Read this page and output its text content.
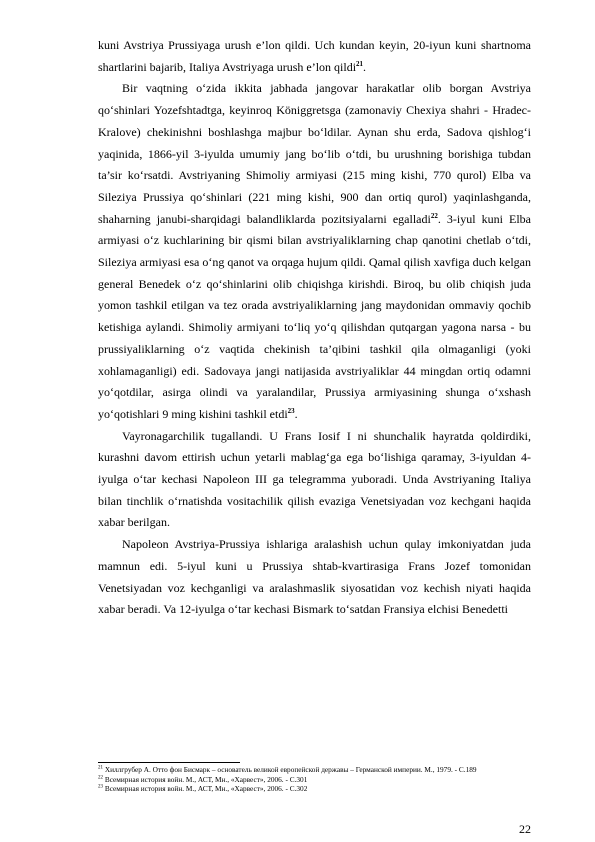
kuni Avstriya Prussiyaga urush e’lon qildi. Uch kundan keyin, 20-iyun kuni shartnoma shartlarini bajarib, Italiya Avstriyaga urush e’lon qildi$^{21}$.

Bir vaqtning o‘zida ikkita jabhada jangovar harakatlar olib borgan Avstriya qo‘shinlari Yozefshtadtga, keyinroq Königgretsga (zamonaviy Chexiya shahri - Hradec-Kralove) chekinishni boshlashga majbur bo‘ldilar. Aynan shu erda, Sadova qishlog‘i yaqinida, 1866-yil 3-iyulda umumiy jang bo‘lib o‘tdi, bu urushning borishiga tubdan ta’sir ko‘rsatdi. Avstriyaning Shimoliy armiyasi (215 ming kishi, 770 qurol) Elba va Sileziya Prussiya qo‘shinlari (221 ming kishi, 900 dan ortiq qurol) yaqinlashganda, shaharning janubi-sharqidagi balandliklarda pozitsiyalarni egalladi$^{22}$. 3-iyul kuni Elba armiyasi o‘z kuchlarining bir qismi bilan avstriyaliklarning chap qanotini chetlab o‘tdi, Sileziya armiyasi esa o‘ng qanot va orqaga hujum qildi. Qamal qilish xavfiga duch kelgan general Benedek o‘z qo‘shinlarini olib chiqishga kirishdi. Biroq, bu olib chiqish juda yomon tashkil etilgan va tez orada avstriyaliklarning jang maydonidan ommaviy qochib ketishiga aylandi. Shimoliy armiyani to‘liq yo‘q qilishdan qutqargan yagona narsa - bu prussiyaliklarning o‘z vaqtida chekinish ta’qibini tashkil qila olmaganligi (yoki xohlamaganligi) edi. Sadovaya jangi natijasida avstriyaliklar 44 mingdan ortiq odamni yo‘qotdilar, asirga olindi va yaralandilar, Prussiya armiyasining shunga o‘xshash yo‘qotishlari 9 ming kishini tashkil etdi$^{23}$.

Vayronagarchilik tugallandi. U Frans Iosif I ni shunchalik hayratda qoldirdiki, kurashni davom ettirish uchun yetarli mablag‘ga ega bo‘lishiga qaramay, 3-iyuldan 4-iyulga o‘tar kechasi Napoleon III ga telegramma yuboradi. Unda Avstriyaning Italiya bilan tinchlik o‘rnatishda vositachilik qilish evaziga Venetsiyadan voz kechgani haqida xabar berilgan.

Napoleon Avstriya-Prussiya ishlariga aralashish uchun qulay imkoniyatdan juda mamnun edi. 5-iyul kuni u Prussiya shtab-kvartirasiga Frans Jozef tomonidan Venetsiyadan voz kechganligi va aralashmaslik siyosatidan voz kechish niyati haqida xabar beradi. Va 12-iyulga o‘tar kechasi Bismark to‘satdan Fransiya elchisi Benedetti

$^{21}$ Хиллгрубер А. Отто фон Бисмарк – основатель великой европейской державы – Германской империи. М., 1979. - С.189

$^{22}$ Всемирная история войн. М., АСТ, Мн., «Харвест», 2006. - С.301

$^{23}$ Всемирная история войн. М., АСТ, Мн., «Харвест», 2006. - С.302

22
